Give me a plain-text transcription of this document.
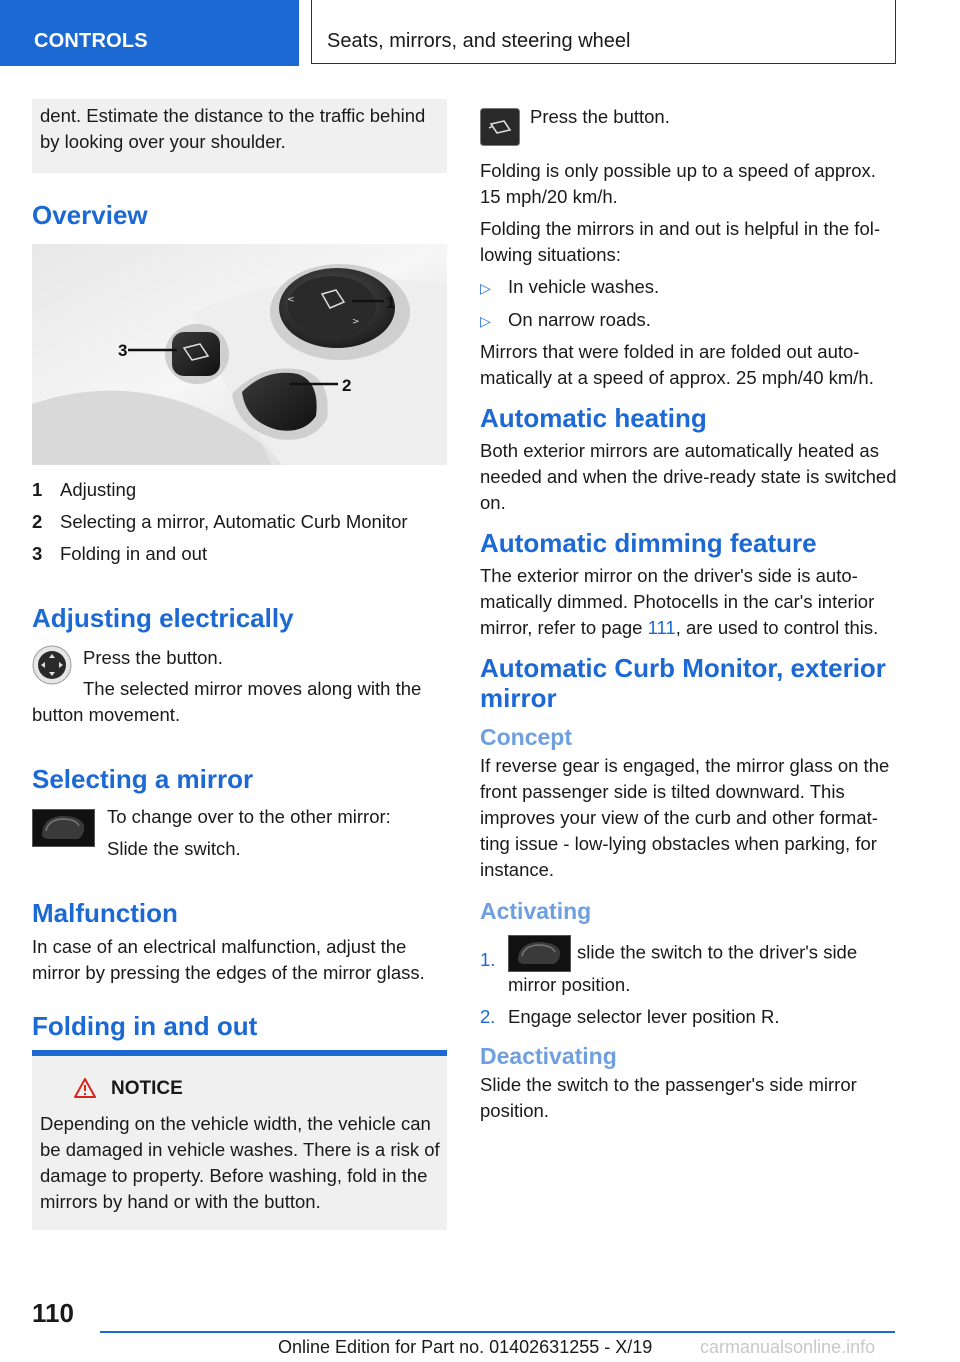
CONTROLS	Seats, mirrors, and steering wheel

dent. Estimate the distance to the traffic behind by looking over your shoulder.

Overview
<
>
1
3
2
1 Adjusting
2 Selecting a mirror, Automatic Curb Monitor
3 Folding in and out
Adjusting electrically

Press the button.

The selected mirror moves along with the

button movement.

Selecting a mirror

To change over to the other mirror:

Slide the switch.

Malfunction

In case of an electrical malfunction, adjust the mirror by pressing the edges of the mirror glass.

Folding in and out
NOTICE

Depending on the vehicle width, the vehicle can be damaged in vehicle washes. There is a risk of damage to property. Before washing, fold in the mirrors by hand or with the button.

Press the button.

Folding is only possible up to a speed of approx. 15 mph/20 km/h.

Folding the mirrors in and out is helpful in the following situations:

▷ In vehicle washes.
▷ On narrow roads.

Mirrors that were folded in are folded out automatically at a speed of approx. 25 mph/40 km/h.

Automatic heating

Both exterior mirrors are automatically heated as needed and when the drive-ready state is switched on.

Automatic dimming feature

The exterior mirror on the driver's side is automatically dimmed. Photocells in the car's interior mirror, refer to page 111, are used to control this.

Automatic Curb Monitor, exterior mirror
Concept

If reverse gear is engaged, the mirror glass on the front passenger side is tilted downward. This improves your view of the curb and other formatting issue - low-lying obstacles when parking, for instance.

Activating
1.	slide the switch to the driver's side mirror position.
2. Engage selector lever position R.
Deactivating

Slide the switch to the passenger's side mirror position.

110
Online Edition for Part no. 01402631255 - X/19	carmanualsonline.info
